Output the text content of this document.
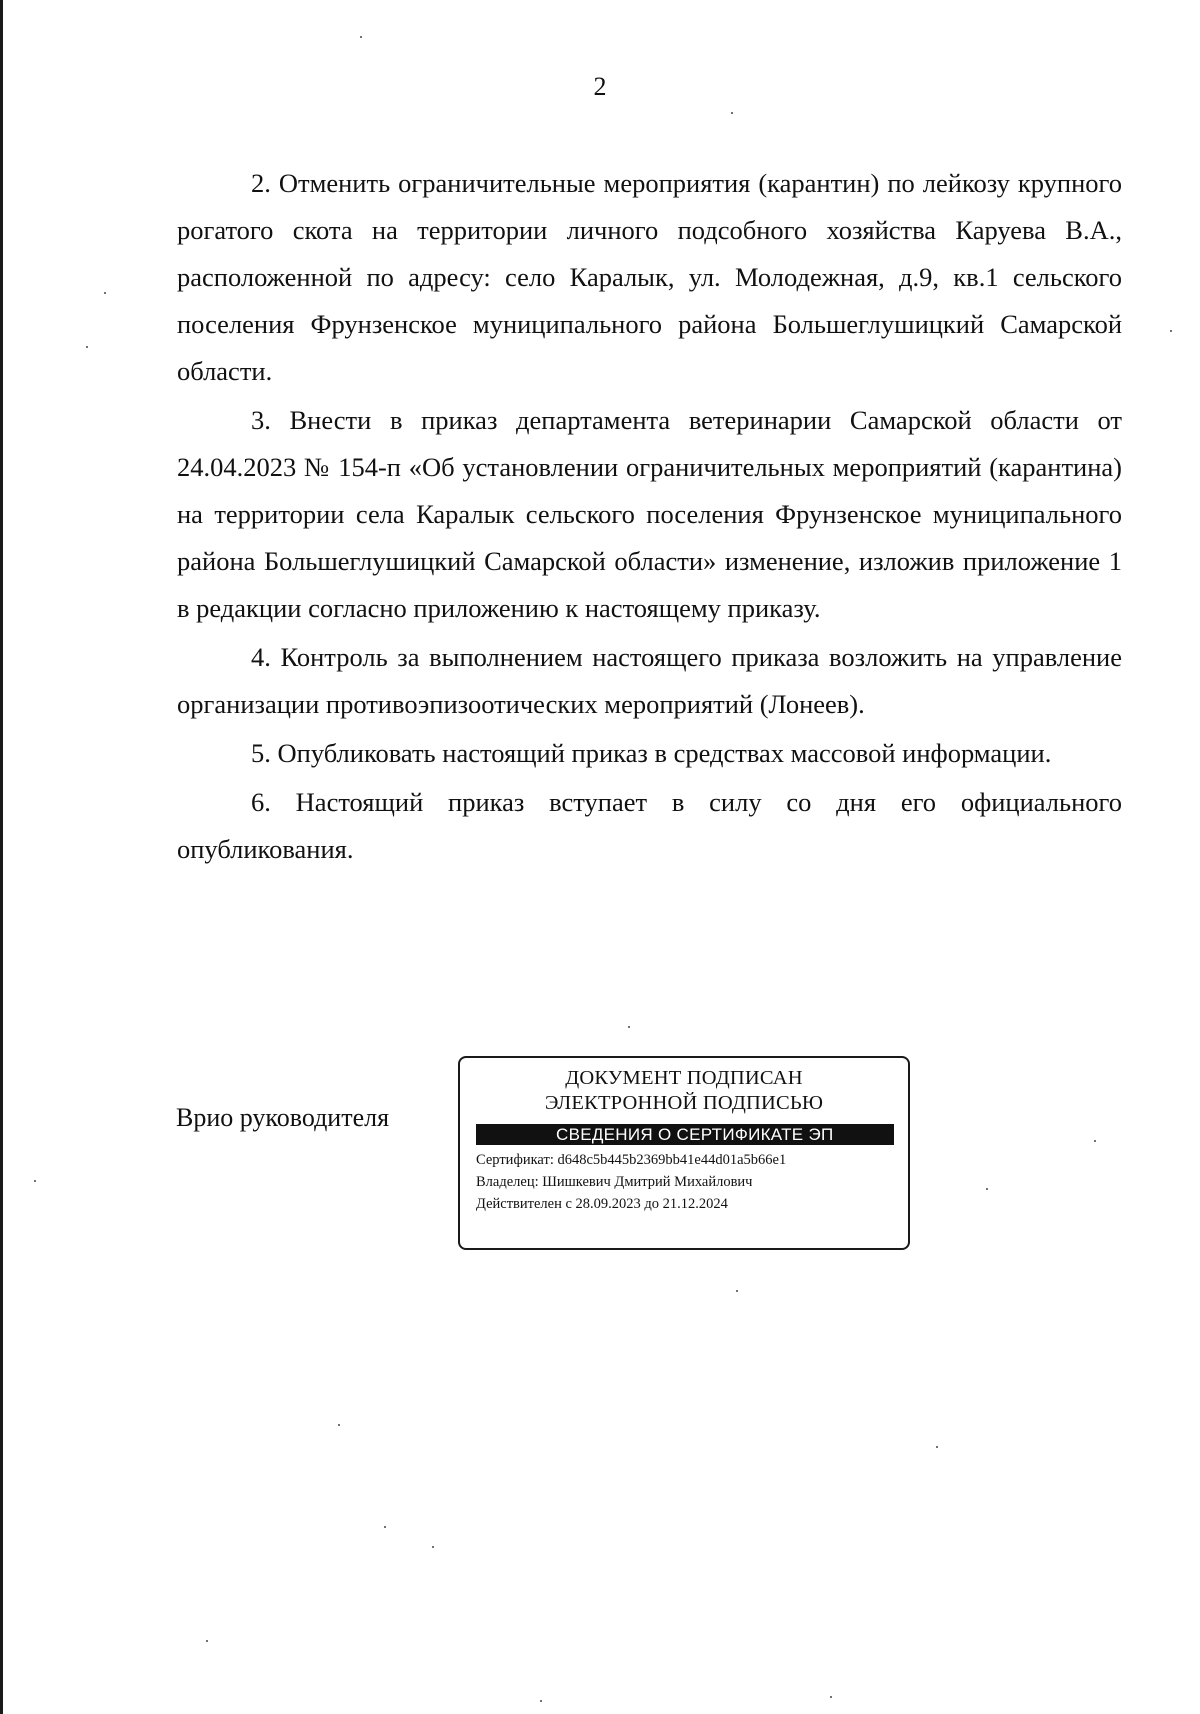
2

2. Отменить ограничительные мероприятия (карантин) по лейкозу крупного рогатого скота на территории личного подсобного хозяйства Каруева В.А., расположенной по адресу: село Каралык, ул. Молодежная, д.9, кв.1 сельского поселения Фрунзенское муниципального района Большеглушицкий Самарской области.

3. Внести в приказ департамента ветеринарии Самарской области от 24.04.2023 № 154-п «Об установлении ограничительных мероприятий (карантина) на территории села Каралык сельского поселения Фрунзенское муниципального района Большеглушицкий Самарской области» изменение, изложив приложение 1 в редакции согласно приложению к настоящему приказу.

4. Контроль за выполнением настоящего приказа возложить на управление организации противоэпизоотических мероприятий (Лонеев).

5. Опубликовать настоящий приказ в средствах массовой информации.

6. Настоящий приказ вступает в силу со дня его официального опубликования.

Врио руководителя
ДОКУМЕНТ ПОДПИСАН
ЭЛЕКТРОННОЙ ПОДПИСЬЮ
СВЕДЕНИЯ О СЕРТИФИКАТЕ ЭП
Сертификат: d648c5b445b2369bb41e44d01a5b66e1
Владелец: Шишкевич Дмитрий Михайлович
Действителен с 28.09.2023 до 21.12.2024
